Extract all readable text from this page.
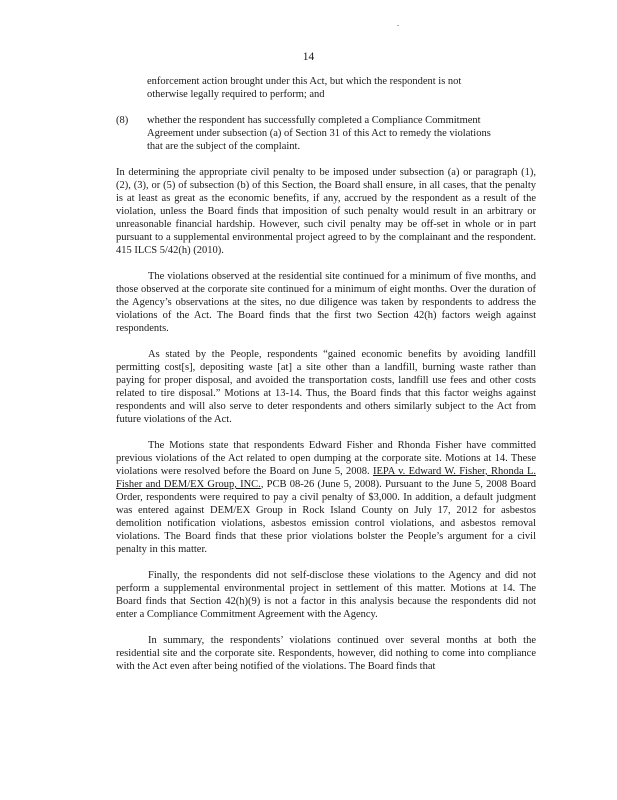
.
14

enforcement action brought under this Act, but which the respondent is not otherwise legally required to perform; and

(8)	whether the respondent has successfully completed a Compliance Commitment Agreement under subsection (a) of Section 31 of this Act to remedy the violations that are the subject of the complaint.

In determining the appropriate civil penalty to be imposed under subsection (a) or paragraph (1), (2), (3), or (5) of subsection (b) of this Section, the Board shall ensure, in all cases, that the penalty is at least as great as the economic benefits, if any, accrued by the respondent as a result of the violation, unless the Board finds that imposition of such penalty would result in an arbitrary or unreasonable financial hardship. However, such civil penalty may be off-set in whole or in part pursuant to a supplemental environmental project agreed to by the complainant and the respondent. 415 ILCS 5/42(h) (2010).

The violations observed at the residential site continued for a minimum of five months, and those observed at the corporate site continued for a minimum of eight months. Over the duration of the Agency’s observations at the sites, no due diligence was taken by respondents to address the violations of the Act. The Board finds that the first two Section 42(h) factors weigh against respondents.

As stated by the People, respondents “gained economic benefits by avoiding landfill permitting cost[s], depositing waste [at] a site other than a landfill, burning waste rather than paying for proper disposal, and avoided the transportation costs, landfill use fees and other costs related to tire disposal.” Motions at 13-14. Thus, the Board finds that this factor weighs against respondents and will also serve to deter respondents and others similarly subject to the Act from future violations of the Act.

The Motions state that respondents Edward Fisher and Rhonda Fisher have committed previous violations of the Act related to open dumping at the corporate site. Motions at 14. These violations were resolved before the Board on June 5, 2008. IEPA v. Edward W. Fisher, Rhonda L. Fisher and DEM/EX Group, INC., PCB 08-26 (June 5, 2008). Pursuant to the June 5, 2008 Board Order, respondents were required to pay a civil penalty of $3,000. In addition, a default judgment was entered against DEM/EX Group in Rock Island County on July 17, 2012 for asbestos demolition notification violations, asbestos emission control violations, and asbestos removal violations. The Board finds that these prior violations bolster the People’s argument for a civil penalty in this matter.

Finally, the respondents did not self-disclose these violations to the Agency and did not perform a supplemental environmental project in settlement of this matter. Motions at 14. The Board finds that Section 42(h)(9) is not a factor in this analysis because the respondents did not enter a Compliance Commitment Agreement with the Agency.

In summary, the respondents’ violations continued over several months at both the residential site and the corporate site. Respondents, however, did nothing to come into compliance with the Act even after being notified of the violations. The Board finds that
